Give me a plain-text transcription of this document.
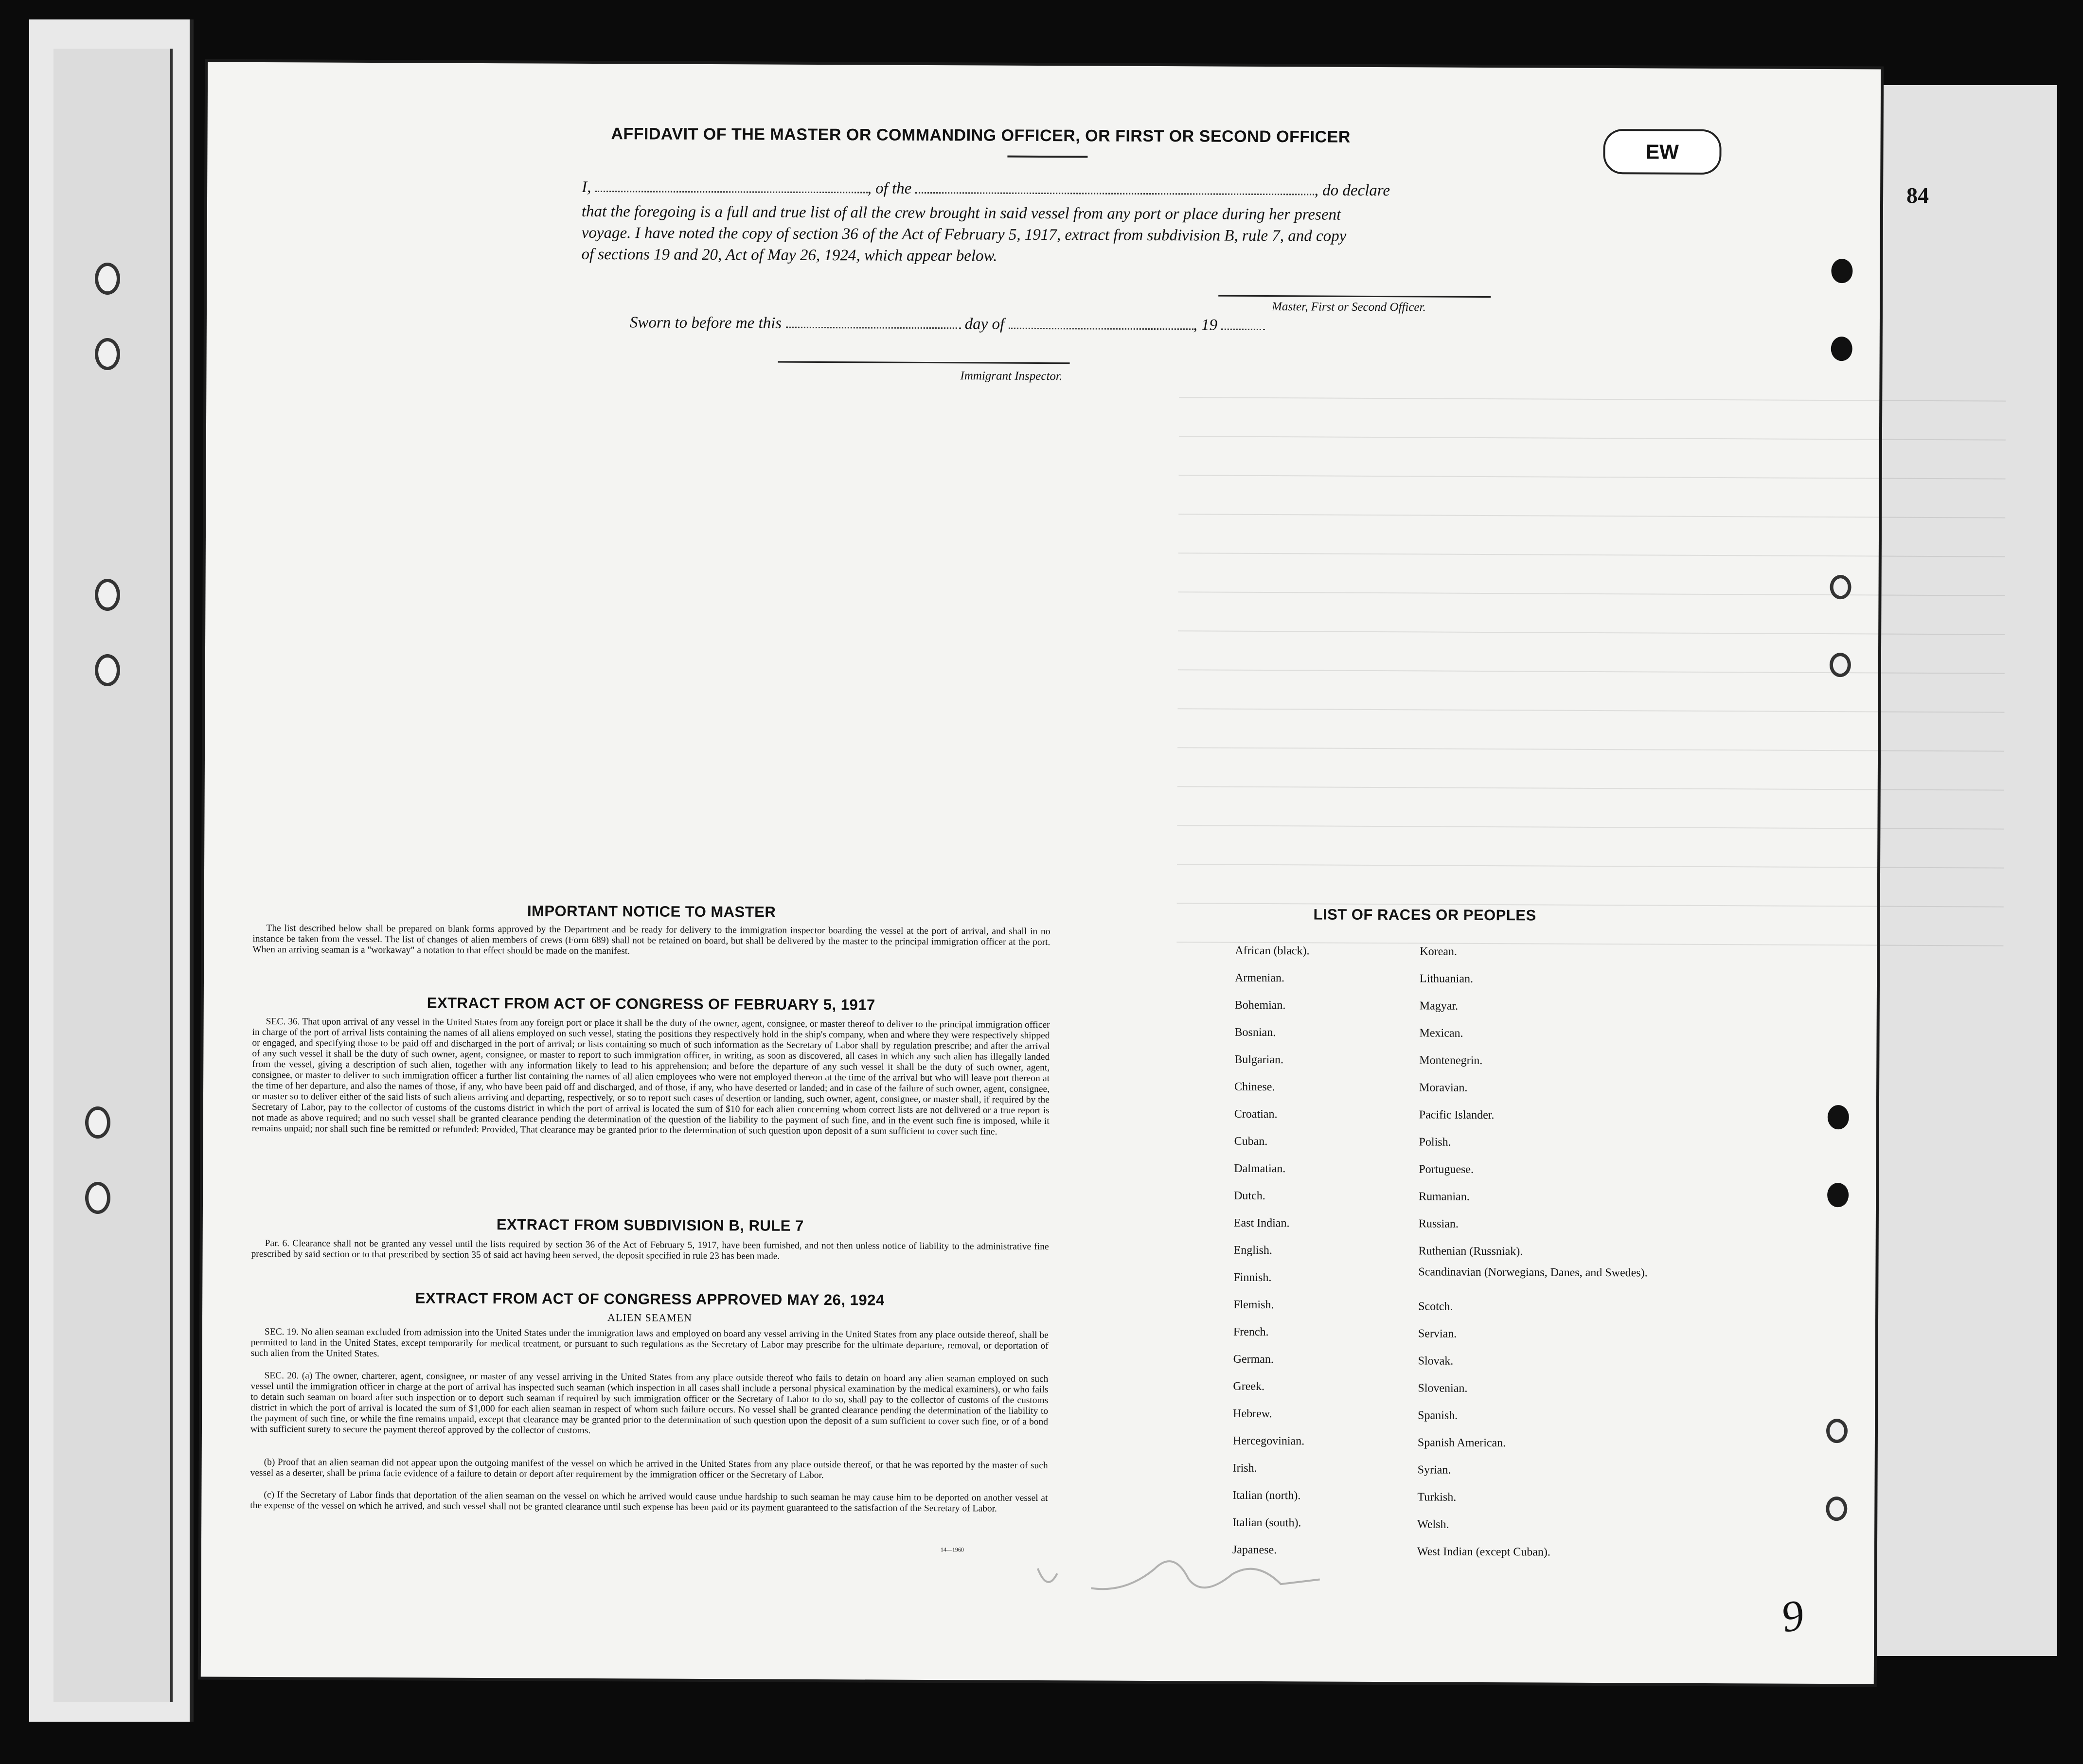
84
AFFIDAVIT OF THE MASTER OR COMMANDING OFFICER, OR FIRST OR SECOND OFFICER
EW
I,	, of the	, do declare
that the foregoing is a full and true list of all the crew brought in said vessel from any port or place during her present
voyage. I have noted the copy of section 36 of the Act of February 5, 1917, extract from subdivision B, rule 7, and copy
of sections 19 and 20, Act of May 26, 1924, which appear below.
Master, First or Second Officer.
Sworn to before me this	day of	, 19
Immigrant Inspector.
IMPORTANT NOTICE TO MASTER
The list described below shall be prepared on blank forms approved by the Department and be ready for delivery to the immigration inspector boarding the vessel at the port of arrival, and shall in no instance be taken from the vessel. The list of changes of alien members of crews (Form 689) shall not be retained on board, but shall be delivered by the master to the principal immigration officer at the port. When an arriving seaman is a "workaway" a notation to that effect should be made on the manifest.
EXTRACT FROM ACT OF CONGRESS OF FEBRUARY 5, 1917
SEC. 36. That upon arrival of any vessel in the United States from any foreign port or place it shall be the duty of the owner, agent, consignee, or master thereof to deliver to the principal immigration officer in charge of the port of arrival lists containing the names of all aliens employed on such vessel, stating the positions they respectively hold in the ship's company, when and where they were respectively shipped or engaged, and specifying those to be paid off and discharged in the port of arrival; or lists containing so much of such information as the Secretary of Labor shall by regulation prescribe; and after the arrival of any such vessel it shall be the duty of such owner, agent, consignee, or master to report to such immigration officer, in writing, as soon as discovered, all cases in which any such alien has illegally landed from the vessel, giving a description of such alien, together with any information likely to lead to his apprehension; and before the departure of any such vessel it shall be the duty of such owner, agent, consignee, or master to deliver to such immigration officer a further list containing the names of all alien employees who were not employed thereon at the time of the arrival but who will leave port thereon at the time of her departure, and also the names of those, if any, who have been paid off and discharged, and of those, if any, who have deserted or landed; and in case of the failure of such owner, agent, consignee, or master so to deliver either of the said lists of such aliens arriving and departing, respectively, or so to report such cases of desertion or landing, such owner, agent, consignee, or master shall, if required by the Secretary of Labor, pay to the collector of customs of the customs district in which the port of arrival is located the sum of $10 for each alien concerning whom correct lists are not delivered or a true report is not made as above required; and no such vessel shall be granted clearance pending the determination of the question of the liability to the payment of such fine, and in the event such fine is imposed, while it remains unpaid; nor shall such fine be remitted or refunded: Provided, That clearance may be granted prior to the determination of such question upon deposit of a sum sufficient to cover such fine.
EXTRACT FROM SUBDIVISION B, RULE 7
Par. 6. Clearance shall not be granted any vessel until the lists required by section 36 of the Act of February 5, 1917, have been furnished, and not then unless notice of liability to the administrative fine prescribed by said section or to that prescribed by section 35 of said act having been served, the deposit specified in rule 23 has been made.
EXTRACT FROM ACT OF CONGRESS APPROVED MAY 26, 1924
ALIEN SEAMEN
SEC. 19. No alien seaman excluded from admission into the United States under the immigration laws and employed on board any vessel arriving in the United States from any place outside thereof, shall be permitted to land in the United States, except temporarily for medical treatment, or pursuant to such regulations as the Secretary of Labor may prescribe for the ultimate departure, removal, or deportation of such alien from the United States.
SEC. 20. (a) The owner, charterer, agent, consignee, or master of any vessel arriving in the United States from any place outside thereof who fails to detain on board any alien seaman employed on such vessel until the immigration officer in charge at the port of arrival has inspected such seaman (which inspection in all cases shall include a personal physical examination by the medical examiners), or who fails to detain such seaman on board after such inspection or to deport such seaman if required by such immigration officer or the Secretary of Labor to do so, shall pay to the collector of customs of the customs district in which the port of arrival is located the sum of $1,000 for each alien seaman in respect of whom such failure occurs. No vessel shall be granted clearance pending the determination of the liability to the payment of such fine, or while the fine remains unpaid, except that clearance may be granted prior to the determination of such question upon the deposit of a sum sufficient to cover such fine, or of a bond with sufficient surety to secure the payment thereof approved by the collector of customs.
(b) Proof that an alien seaman did not appear upon the outgoing manifest of the vessel on which he arrived in the United States from any place outside thereof, or that he was reported by the master of such vessel as a deserter, shall be prima facie evidence of a failure to detain or deport after requirement by the immigration officer or the Secretary of Labor.
(c) If the Secretary of Labor finds that deportation of the alien seaman on the vessel on which he arrived would cause undue hardship to such seaman he may cause him to be deported on another vessel at the expense of the vessel on which he arrived, and such vessel shall not be granted clearance until such expense has been paid or its payment guaranteed to the satisfaction of the Secretary of Labor.
14—1960
LIST OF RACES OR PEOPLES
African (black).
Armenian.
Bohemian.
Bosnian.
Bulgarian.
Chinese.
Croatian.
Cuban.
Dalmatian.
Dutch.
East Indian.
English.
Finnish.
Flemish.
French.
German.
Greek.
Hebrew.
Hercegovinian.
Irish.
Italian (north).
Italian (south).
Japanese.
Korean.
Lithuanian.
Magyar.
Mexican.
Montenegrin.
Moravian.
Pacific Islander.
Polish.
Portuguese.
Rumanian.
Russian.
Ruthenian (Russniak).
Scandinavian (Norwegians, Danes, and Swedes).
Scotch.
Servian.
Slovak.
Slovenian.
Spanish.
Spanish American.
Syrian.
Turkish.
Welsh.
West Indian (except Cuban).
9
